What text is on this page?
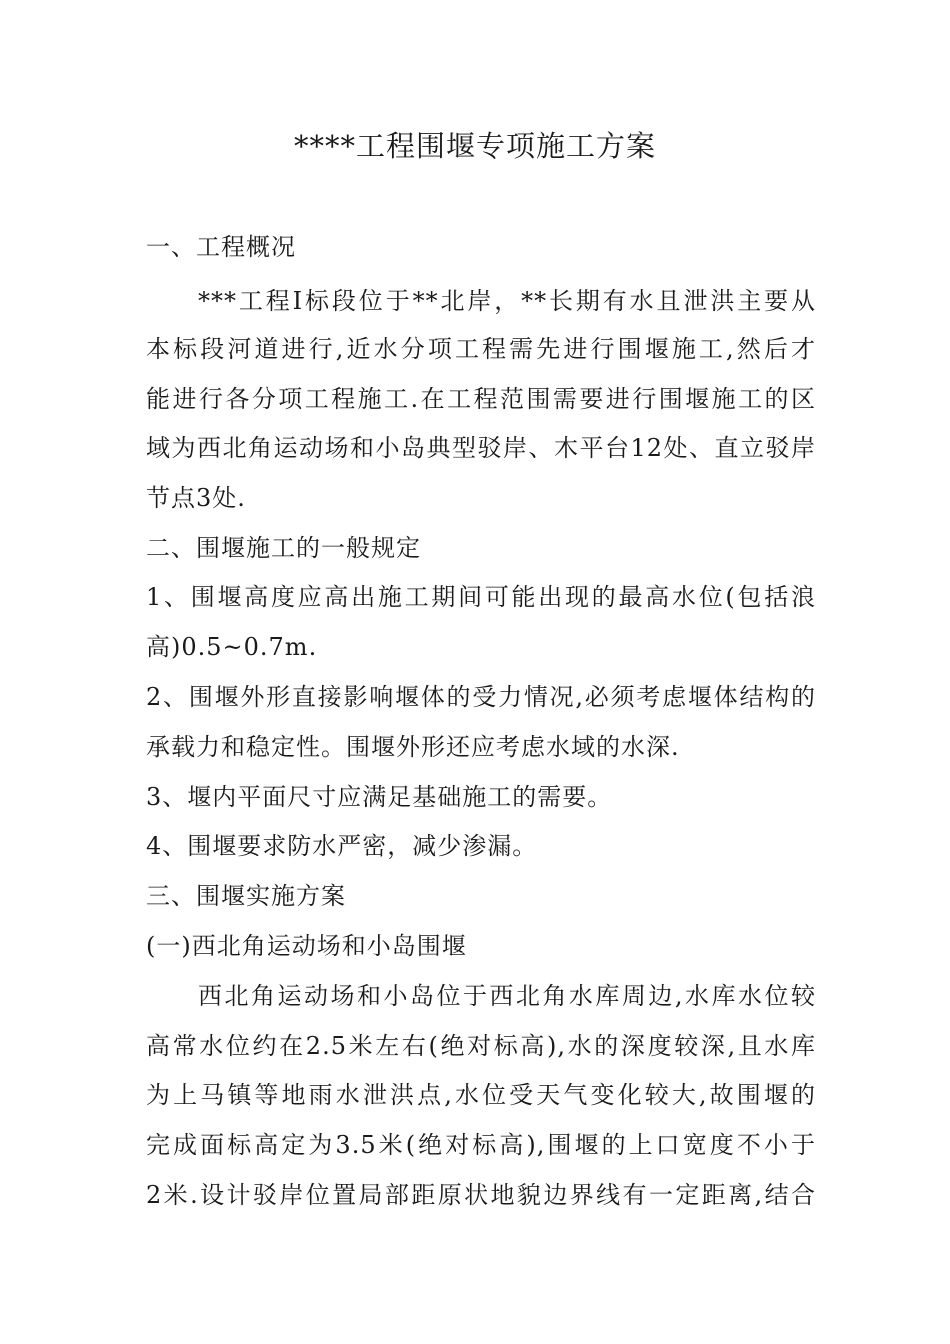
****工程围堰专项施工方案
一、工程概况
***工程Ⅰ标段位于**北岸，**长期有水且泄洪主要从
本标段河道进行,近水分项工程需先进行围堰施工,然后才
能进行各分项工程施工.在工程范围需要进行围堰施工的区
域为西北角运动场和小岛典型驳岸、木平台12处、直立驳岸
节点3处.
二、围堰施工的一般规定
1、围堰高度应高出施工期间可能出现的最高水位(包括浪
高)0.5~0.7m.
2、围堰外形直接影响堰体的受力情况,必须考虑堰体结构的
承载力和稳定性。围堰外形还应考虑水域的水深.
3、堰内平面尺寸应满足基础施工的需要。
4、围堰要求防水严密，减少渗漏。
三、围堰实施方案
(一)西北角运动场和小岛围堰
西北角运动场和小岛位于西北角水库周边,水库水位较
高常水位约在2.5米左右(绝对标高),水的深度较深,且水库
为上马镇等地雨水泄洪点,水位受天气变化较大,故围堰的
完成面标高定为3.5米(绝对标高),围堰的上口宽度不小于
2米.设计驳岸位置局部距原状地貌边界线有一定距离,结合
